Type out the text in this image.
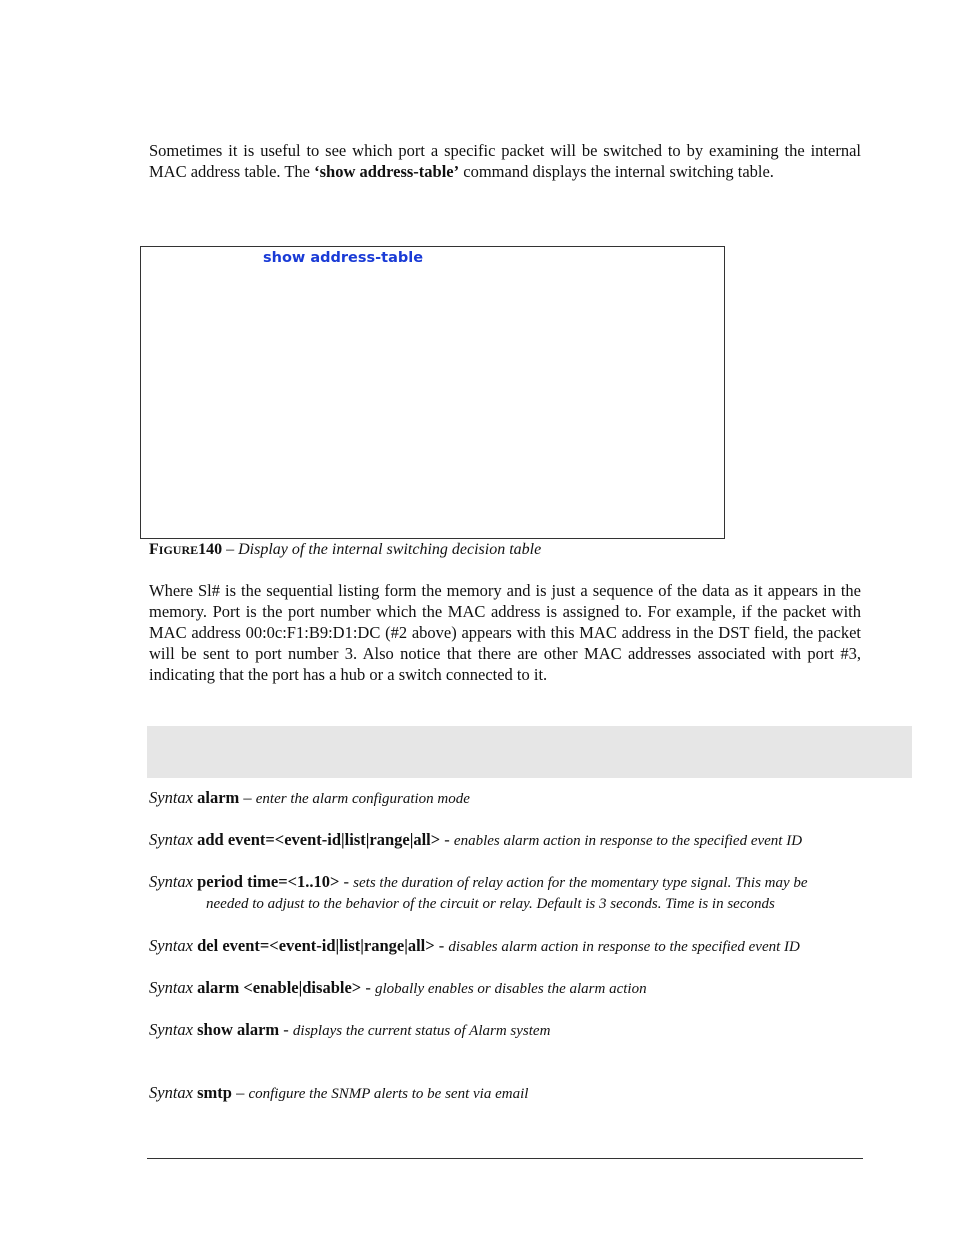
Sometimes it is useful to see which port a specific packet will be switched to by examining the internal MAC address table. The ‘show address-table’ command displays the internal switching table.

show address-table
FIGURE140 – Display of the internal switching decision table

Where Sl# is the sequential listing form the memory and is just a sequence of the data as it appears in the memory. Port is the port number which the MAC address is assigned to. For example, if the packet with MAC address 00:0c:F1:B9:D1:DC (#2 above) appears with this MAC address in the DST field, the packet will be sent to port number 3. Also notice that there are other MAC addresses associated with port #3, indicating that the port has a hub or a switch connected to it.

Syntax alarm – enter the alarm configuration mode
Syntax add event=<event-id|list|range|all> - enables alarm action in response to the specified event ID
Syntax period time=<1..10> - sets the duration of relay action for the momentary type signal. This may be
needed to adjust to the behavior of the circuit or relay. Default is 3 seconds. Time is in seconds
Syntax del event=<event-id|list|range|all> - disables alarm action in response to the specified event ID
Syntax alarm <enable|disable> - globally enables or disables the alarm action
Syntax show alarm - displays the current status of Alarm system
Syntax smtp – configure the SNMP alerts to be sent via email
